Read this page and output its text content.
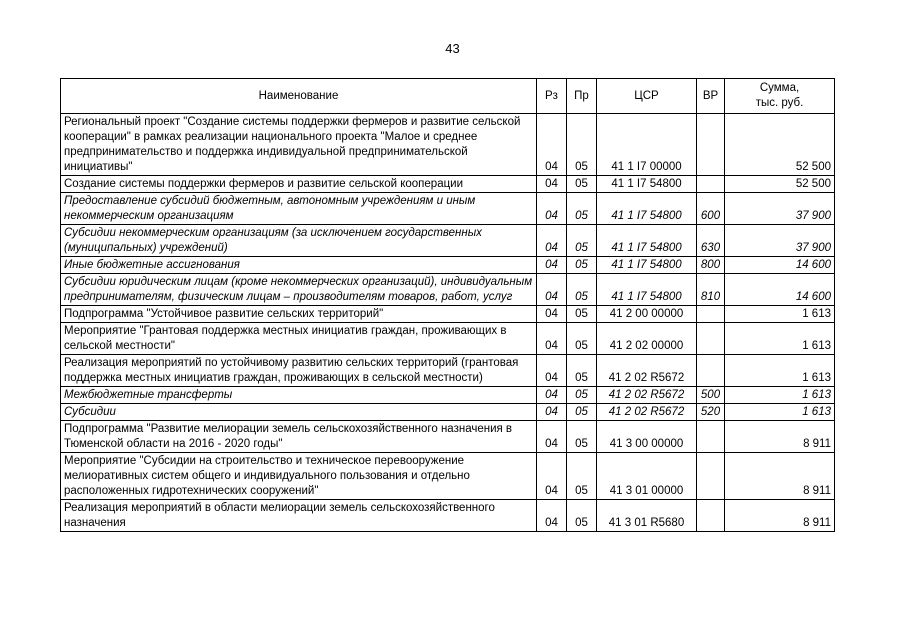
43
Наименование	Рз	Пр	ЦСР	ВР	Сумма,
тыс. руб.

Региональный проект "Создание системы поддержки фермеров и развитие сельской кооперации" в рамках реализации национального проекта "Малое и среднее предпринимательство и поддержка индивидуальной предпринимательской инициативы"	04	05	41 1 I7 00000		52 500
Создание системы поддержки фермеров и развитие сельской кооперации	04	05	41 1 I7 54800		52 500
Предоставление субсидий бюджетным, автономным учреждениям и иным некоммерческим организациям	04	05	41 1 I7 54800	600	37 900
Субсидии некоммерческим организациям (за исключением государственных (муниципальных) учреждений)	04	05	41 1 I7 54800	630	37 900
Иные бюджетные ассигнования	04	05	41 1 I7 54800	800	14 600
Субсидии юридическим лицам (кроме некоммерческих организаций), индивидуальным предпринимателям, физическим лицам – производителям товаров, работ, услуг	04	05	41 1 I7 54800	810	14 600
Подпрограмма "Устойчивое развитие сельских территорий"	04	05	41 2 00 00000		1 613
Мероприятие "Грантовая поддержка местных инициатив граждан, проживающих в сельской местности"	04	05	41 2 02 00000		1 613
Реализация мероприятий по устойчивому развитию сельских территорий (грантовая поддержка местных инициатив граждан, проживающих в сельской местности)	04	05	41 2 02 R5672		1 613
Межбюджетные трансферты	04	05	41 2 02 R5672	500	1 613
Субсидии	04	05	41 2 02 R5672	520	1 613
Подпрограмма "Развитие мелиорации земель сельскохозяйственного назначения в Тюменской области на 2016 - 2020 годы"	04	05	41 3 00 00000		8 911
Мероприятие "Субсидии на строительство и техническое перевооружение мелиоративных систем общего и индивидуального пользования и отдельно расположенных гидротехнических сооружений"	04	05	41 3 01 00000		8 911
Реализация мероприятий в области мелиорации земель сельскохозяйственного назначения	04	05	41 3 01 R5680		8 911
